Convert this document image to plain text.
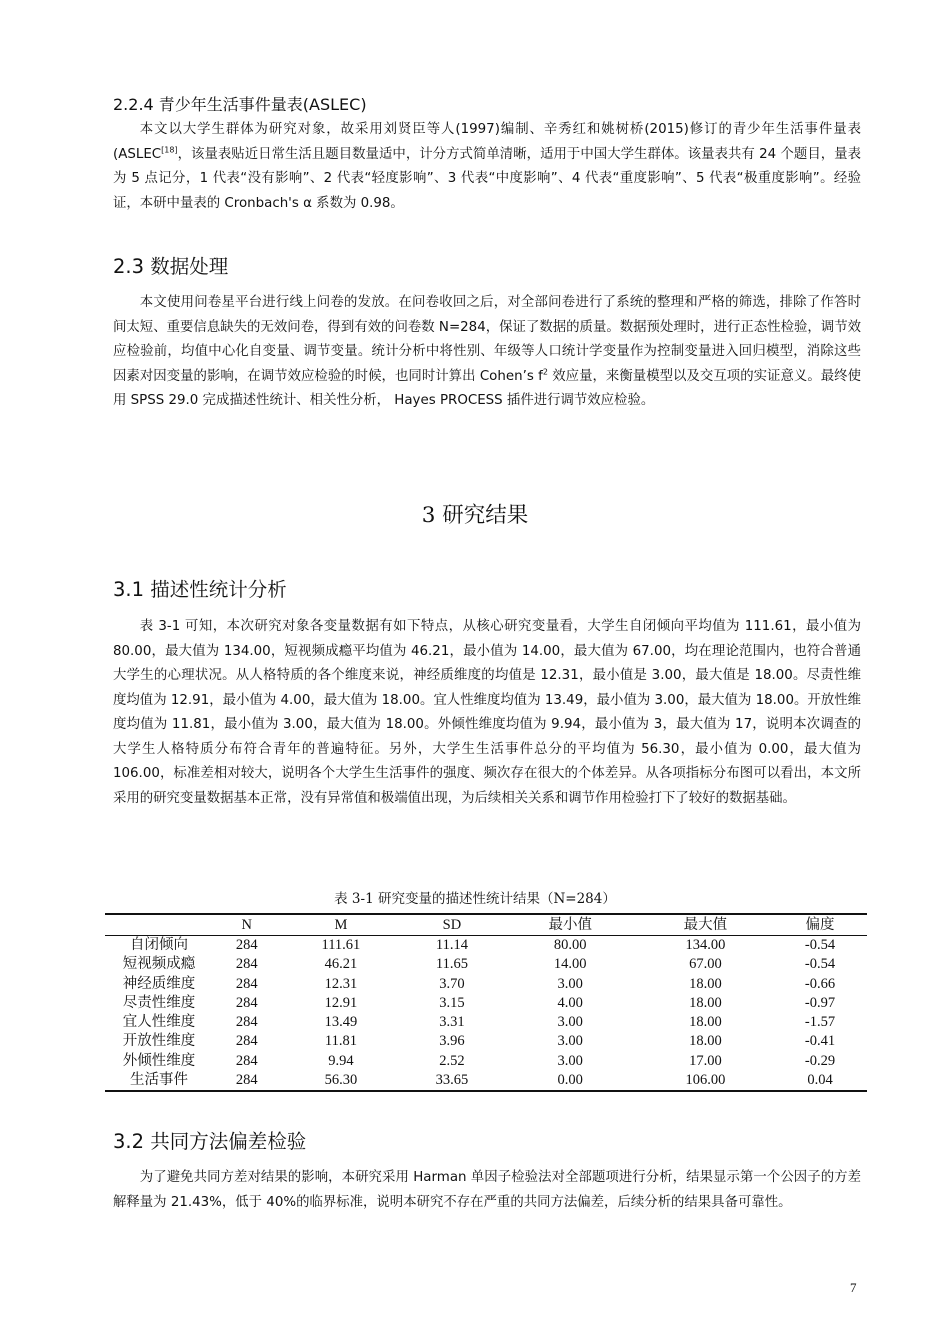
2.2.4 青少年生活事件量表(ASLEC)
本文以大学生群体为研究对象，故采用刘贤臣等人(1997)编制、辛秀红和姚树桥(2015)修订的青少年生活事件量表(ASLEC[18]，该量表贴近日常生活且题目数量适中，计分方式简单清晰，适用于中国大学生群体。该量表共有 24 个题目，量表为 5 点记分，1 代表“没有影响”、2 代表“轻度影响”、3 代表“中度影响”、4 代表“重度影响”、5 代表“极重度影响”。经验证，本研中量表的 Cronbach's α 系数为 0.98。
2.3 数据处理
本文使用问卷星平台进行线上问卷的发放。在问卷收回之后，对全部问卷进行了系统的整理和严格的筛选，排除了作答时间太短、重要信息缺失的无效问卷，得到有效的问卷数 N=284，保证了数据的质量。数据预处理时，进行正态性检验，调节效应检验前，均值中心化自变量、调节变量。统计分析中将性别、年级等人口统计学变量作为控制变量进入回归模型，消除这些因素对因变量的影响，在调节效应检验的时候，也同时计算出 Cohen’s $f^2$ 效应量，来衡量模型以及交互项的实证意义。最终使用 SPSS 29.0 完成描述性统计、相关性分析， Hayes PROCESS 插件进行调节效应检验。
3 研究结果
3.1 描述性统计分析
表 3-1 可知，本次研究对象各变量数据有如下特点，从核心研究变量看，大学生自闭倾向平均值为 111.61，最小值为 80.00，最大值为 134.00，短视频成瘾平均值为 46.21，最小值为 14.00，最大值为 67.00，均在理论范围内，也符合普通大学生的心理状况。从人格特质的各个维度来说，神经质维度的均值是 12.31，最小值是 3.00，最大值是 18.00。尽责性维度均值为 12.91，最小值为 4.00，最大值为 18.00。宜人性维度均值为 13.49，最小值为 3.00，最大值为 18.00。开放性维度均值为 11.81，最小值为 3.00，最大值为 18.00。外倾性维度均值为 9.94，最小值为 3，最大值为 17，说明本次调查的大学生人格特质分布符合青年的普遍特征。另外，大学生生活事件总分的平均值为 56.30，最小值为 0.00，最大值为 106.00，标准差相对较大，说明各个大学生生活事件的强度、频次存在很大的个体差异。从各项指标分布图可以看出，本文所采用的研究变量数据基本正常，没有异常值和极端值出现，为后续相关关系和调节作用检验打下了较好的数据基础。
表 3-1 研究变量的描述性统计结果（N=284）
	N	M	SD	最小值	最大值	偏度
自闭倾向	284	111.61	11.14	80.00	134.00	-0.54
短视频成瘾	284	46.21	11.65	14.00	67.00	-0.54
神经质维度	284	12.31	3.70	3.00	18.00	-0.66
尽责性维度	284	12.91	3.15	4.00	18.00	-0.97
宜人性维度	284	13.49	3.31	3.00	18.00	-1.57
开放性维度	284	11.81	3.96	3.00	18.00	-0.41
外倾性维度	284	9.94	2.52	3.00	17.00	-0.29
生活事件	284	56.30	33.65	0.00	106.00	0.04
3.2 共同方法偏差检验
为了避免共同方差对结果的影响，本研究采用 Harman 单因子检验法对全部题项进行分析，结果显示第一个公因子的方差解释量为 21.43%，低于 40%的临界标准，说明本研究不存在严重的共同方法偏差，后续分析的结果具备可靠性。
7
